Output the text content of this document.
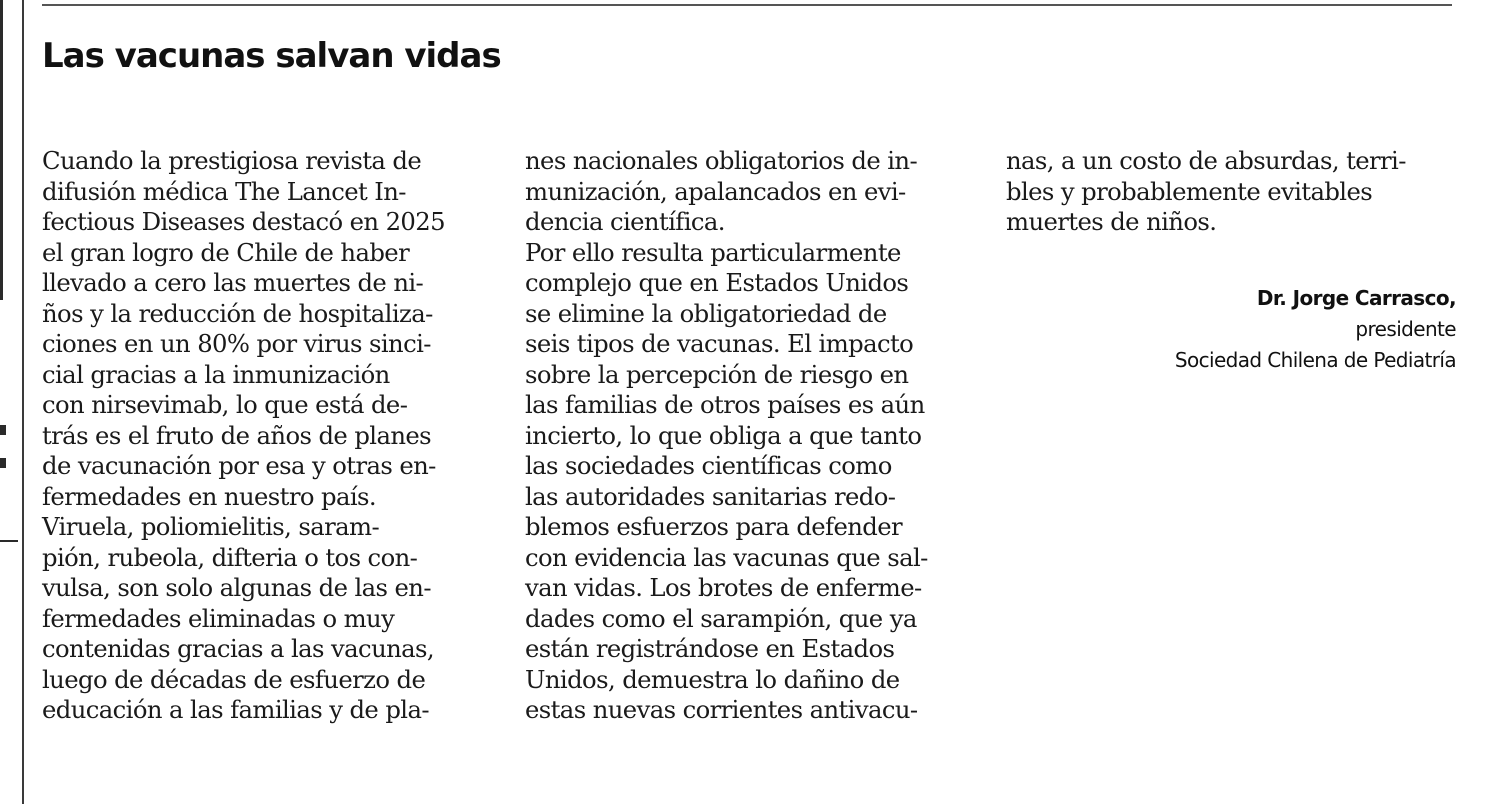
Las vacunas salvan vidas
Cuando la prestigiosa revista de
difusión médica The Lancet In-
fectious Diseases destacó en 2025
el gran logro de Chile de haber
llevado a cero las muertes de ni-
ños y la reducción de hospitaliza-
ciones en un 80% por virus sinci-
cial gracias a la inmunización
con nirsevimab, lo que está de-
trás es el fruto de años de planes
de vacunación por esa y otras en-
fermedades en nuestro país.
Viruela, poliomielitis, saram-
pión, rubeola, difteria o tos con-
vulsa, son solo algunas de las en-
fermedades eliminadas o muy
contenidas gracias a las vacunas,
luego de décadas de esfuerzo de
educación a las familias y de pla-
nes nacionales obligatorios de in-
munización, apalancados en evi-
dencia científica.
Por ello resulta particularmente
complejo que en Estados Unidos
se elimine la obligatoriedad de
seis tipos de vacunas. El impacto
sobre la percepción de riesgo en
las familias de otros países es aún
incierto, lo que obliga a que tanto
las sociedades científicas como
las autoridades sanitarias redo-
blemos esfuerzos para defender
con evidencia las vacunas que sal-
van vidas. Los brotes de enferme-
dades como el sarampión, que ya
están registrándose en Estados
Unidos, demuestra lo dañino de
estas nuevas corrientes antivacu-
nas, a un costo de absurdas, terri-
bles y probablemente evitables
muertes de niños.
Dr. Jorge Carrasco,
presidente
Sociedad Chilena de Pediatría
